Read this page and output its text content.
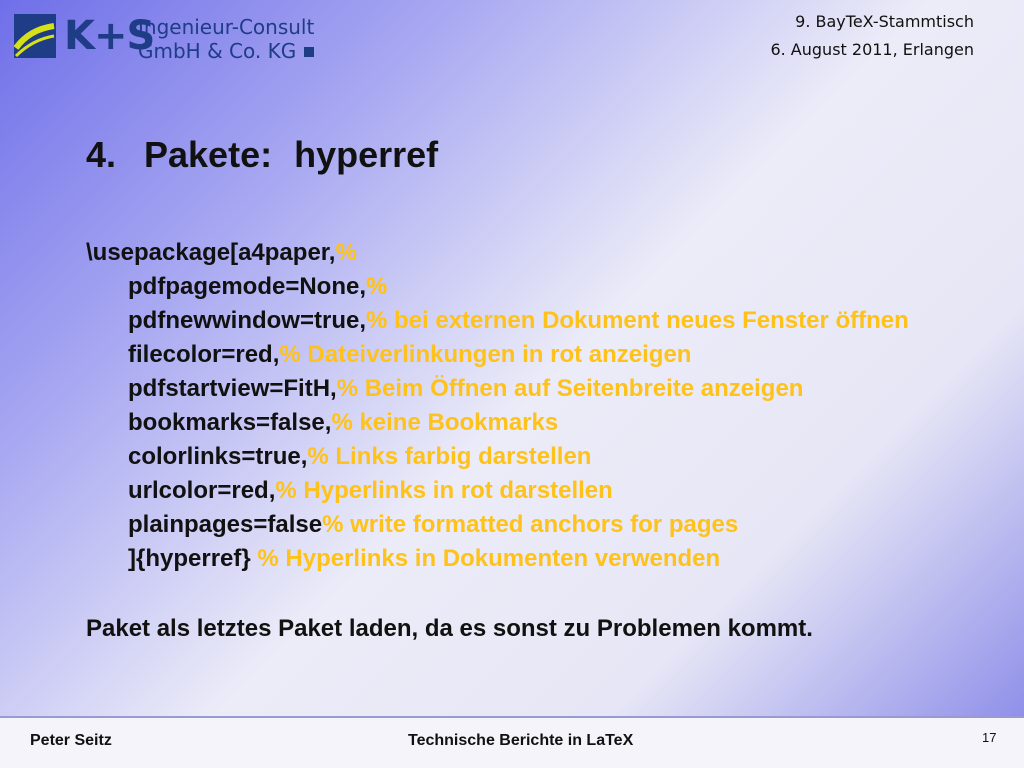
K+S
Ingenieur-Consult
GmbH & Co. KG
9. BayTeX-Stammtisch
6. August 2011, Erlangen
4. Pakete: hyperref
\usepackage[a4paper,%
pdfpagemode=None,%
pdfnewwindow=true,% bei externen Dokument neues Fenster öffnen
filecolor=red,% Dateiverlinkungen in rot anzeigen
pdfstartview=FitH,% Beim Öffnen auf Seitenbreite anzeigen
bookmarks=false,% keine Bookmarks
colorlinks=true,% Links farbig darstellen
urlcolor=red,% Hyperlinks in rot darstellen
plainpages=false% write formatted anchors for pages
]{hyperref} % Hyperlinks in Dokumenten verwenden
Paket als letztes Paket laden, da es sonst zu Problemen kommt.
Peter Seitz	Technische Berichte in LaTeX	17
